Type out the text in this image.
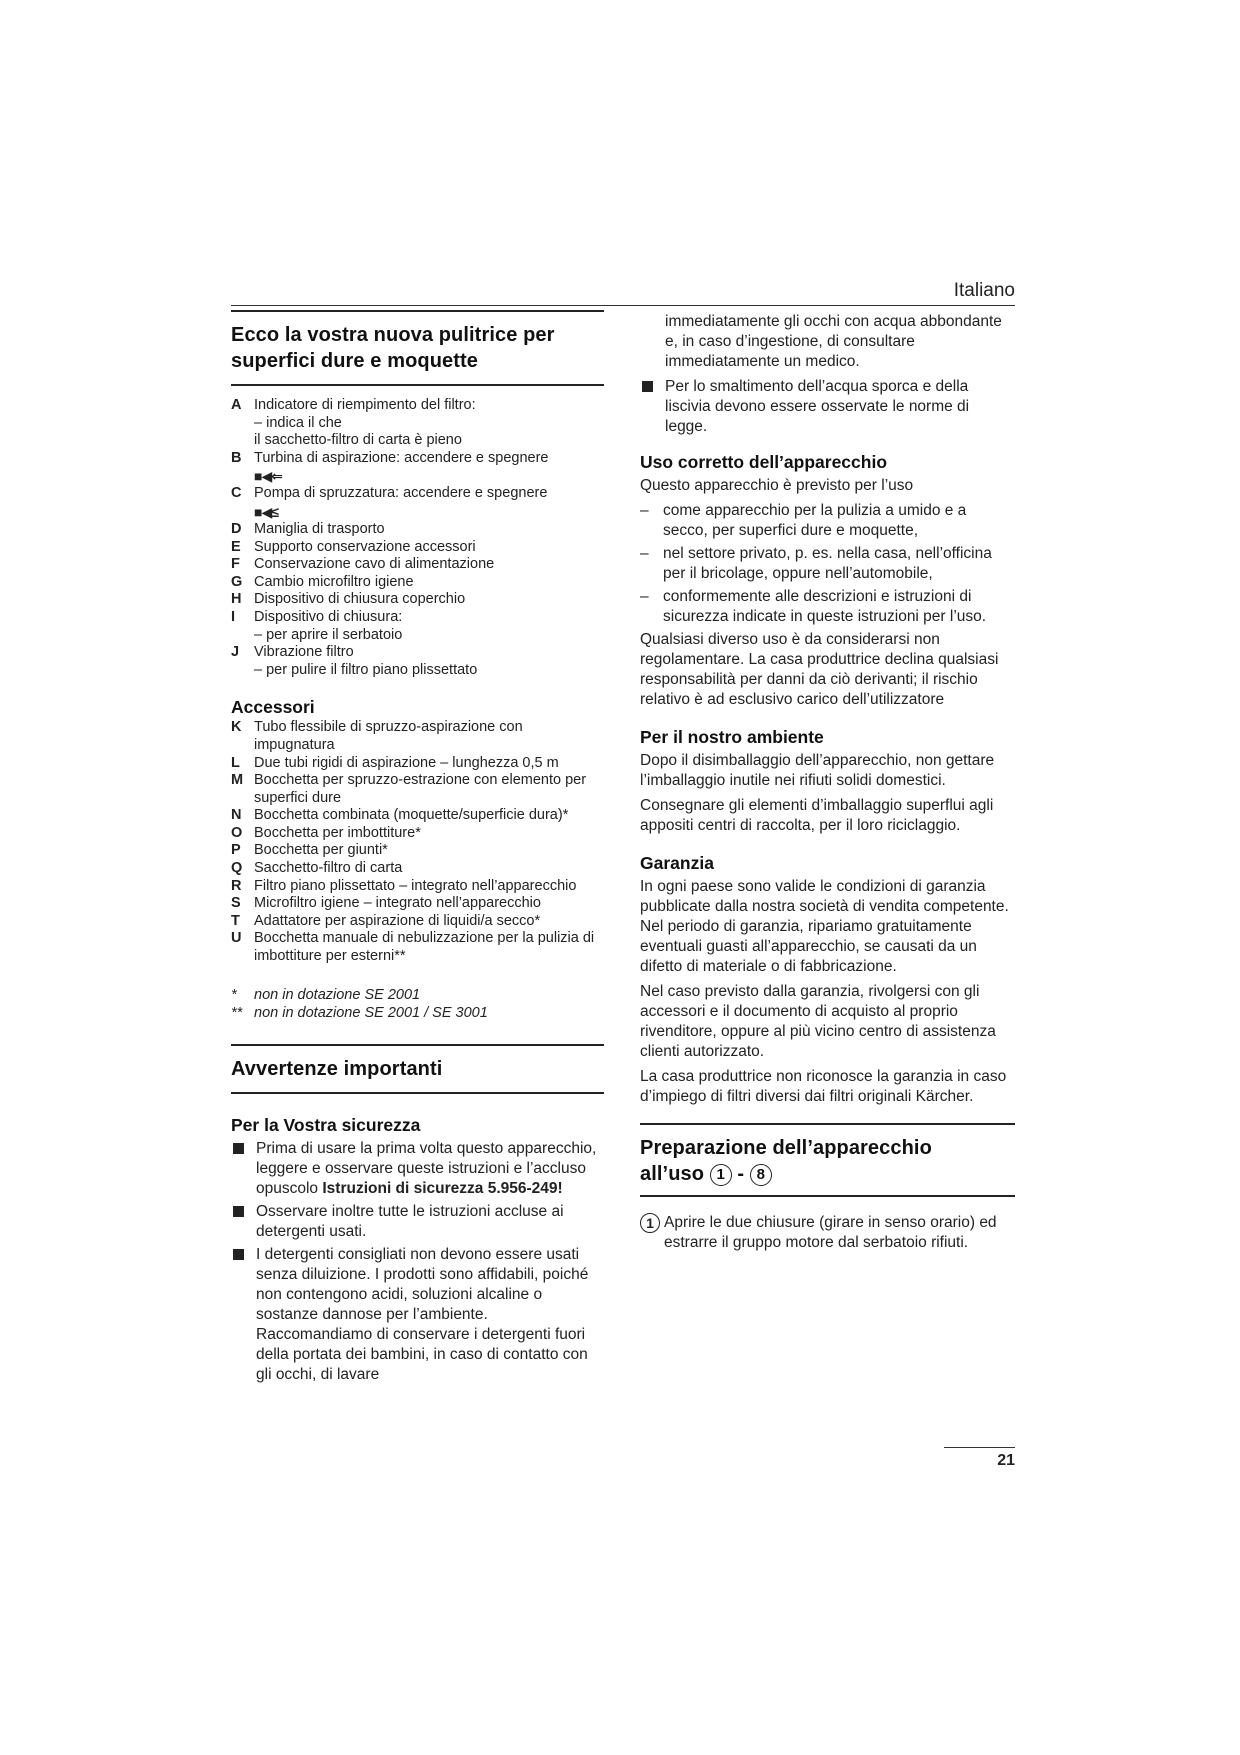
Italiano
Ecco la vostra nuova pulitrice per superfici dure e moquette
A Indicatore di riempimento del filtro:
– indica il che
il sacchetto-filtro di carta è pieno
B Turbina di aspirazione: accendere e spegnere
■◀⇐
C Pompa di spruzzatura: accendere e spegnere
■◀≤
D Maniglia di trasporto
E Supporto conservazione accessori
F Conservazione cavo di alimentazione
G Cambio microfiltro igiene
H Dispositivo di chiusura coperchio
I	Dispositivo di chiusura:
– per aprire il serbatoio
J	Vibrazione filtro
– per pulire il filtro piano plissettato
Accessori
K Tubo flessibile di spruzzo-aspirazione con impugnatura
L Due tubi rigidi di aspirazione – lunghezza 0,5 m
M Bocchetta per spruzzo-estrazione con elemento per superfici dure
N Bocchetta combinata (moquette/superficie dura)*
O Bocchetta per imbottiture*
P Bocchetta per giunti*
Q Sacchetto-filtro di carta
R Filtro piano plissettato – integrato nell’apparecchio
S Microfiltro igiene – integrato nell’apparecchio
T Adattatore per aspirazione di liquidi/a secco*
U Bocchetta manuale di nebulizzazione per la pulizia di imbottiture per esterni**
*	non in dotazione SE 2001
** non in dotazione SE 2001 / SE 3001
Avvertenze importanti
Per la Vostra sicurezza
Prima di usare la prima volta questo apparecchio, leggere e osservare queste istruzioni e l’accluso opuscolo Istruzioni di sicurezza 5.956-249!
Osservare inoltre tutte le istruzioni accluse ai detergenti usati.
I detergenti consigliati non devono essere usati senza diluizione. I prodotti sono affidabili, poiché non contengono acidi, soluzioni alcaline o sostanze dannose per l’ambiente. Raccomandiamo di conservare i detergenti fuori della portata dei bambini, in caso di contatto con gli occhi, di lavare
immediatamente gli occhi con acqua abbondante e, in caso d’ingestione, di consultare immediatamente un medico.
Per lo smaltimento dell’acqua sporca e della liscivia devono essere osservate le norme di legge.
Uso corretto dell’apparecchio
Questo apparecchio è previsto per l’uso
– come apparecchio per la pulizia a umido e a secco, per superfici dure e moquette,
– nel settore privato, p. es. nella casa, nell’officina per il bricolage, oppure nell’automobile,
– conformemente alle descrizioni e istruzioni di sicurezza indicate in queste istruzioni per l’uso.
Qualsiasi diverso uso è da considerarsi non regolamentare. La casa produttrice declina qualsiasi responsabilità per danni da ciò derivanti; il rischio relativo è ad esclusivo carico dell’utilizzatore
Per il nostro ambiente
Dopo il disimballaggio dell’apparecchio, non gettare l’imballaggio inutile nei rifiuti solidi domestici.
Consegnare gli elementi d’imballaggio superflui agli appositi centri di raccolta, per il loro riciclaggio.
Garanzia
In ogni paese sono valide le condizioni di garanzia pubblicate dalla nostra società di vendita competente. Nel periodo di garanzia, ripariamo gratuitamente eventuali guasti all’apparecchio, se causati da un difetto di materiale o di fabbricazione.
Nel caso previsto dalla garanzia, rivolgersi con gli accessori e il documento di acquisto al proprio rivenditore, oppure al più vicino centro di assistenza clienti autorizzato.
La casa produttrice non riconosce la garanzia in caso d’impiego di filtri diversi dai filtri originali Kärcher.
Preparazione dell’apparecchio
all’uso 1 - 8
1 Aprire le due chiusure (girare in senso orario) ed estrarre il gruppo motore dal serbatoio rifiuti.
21
